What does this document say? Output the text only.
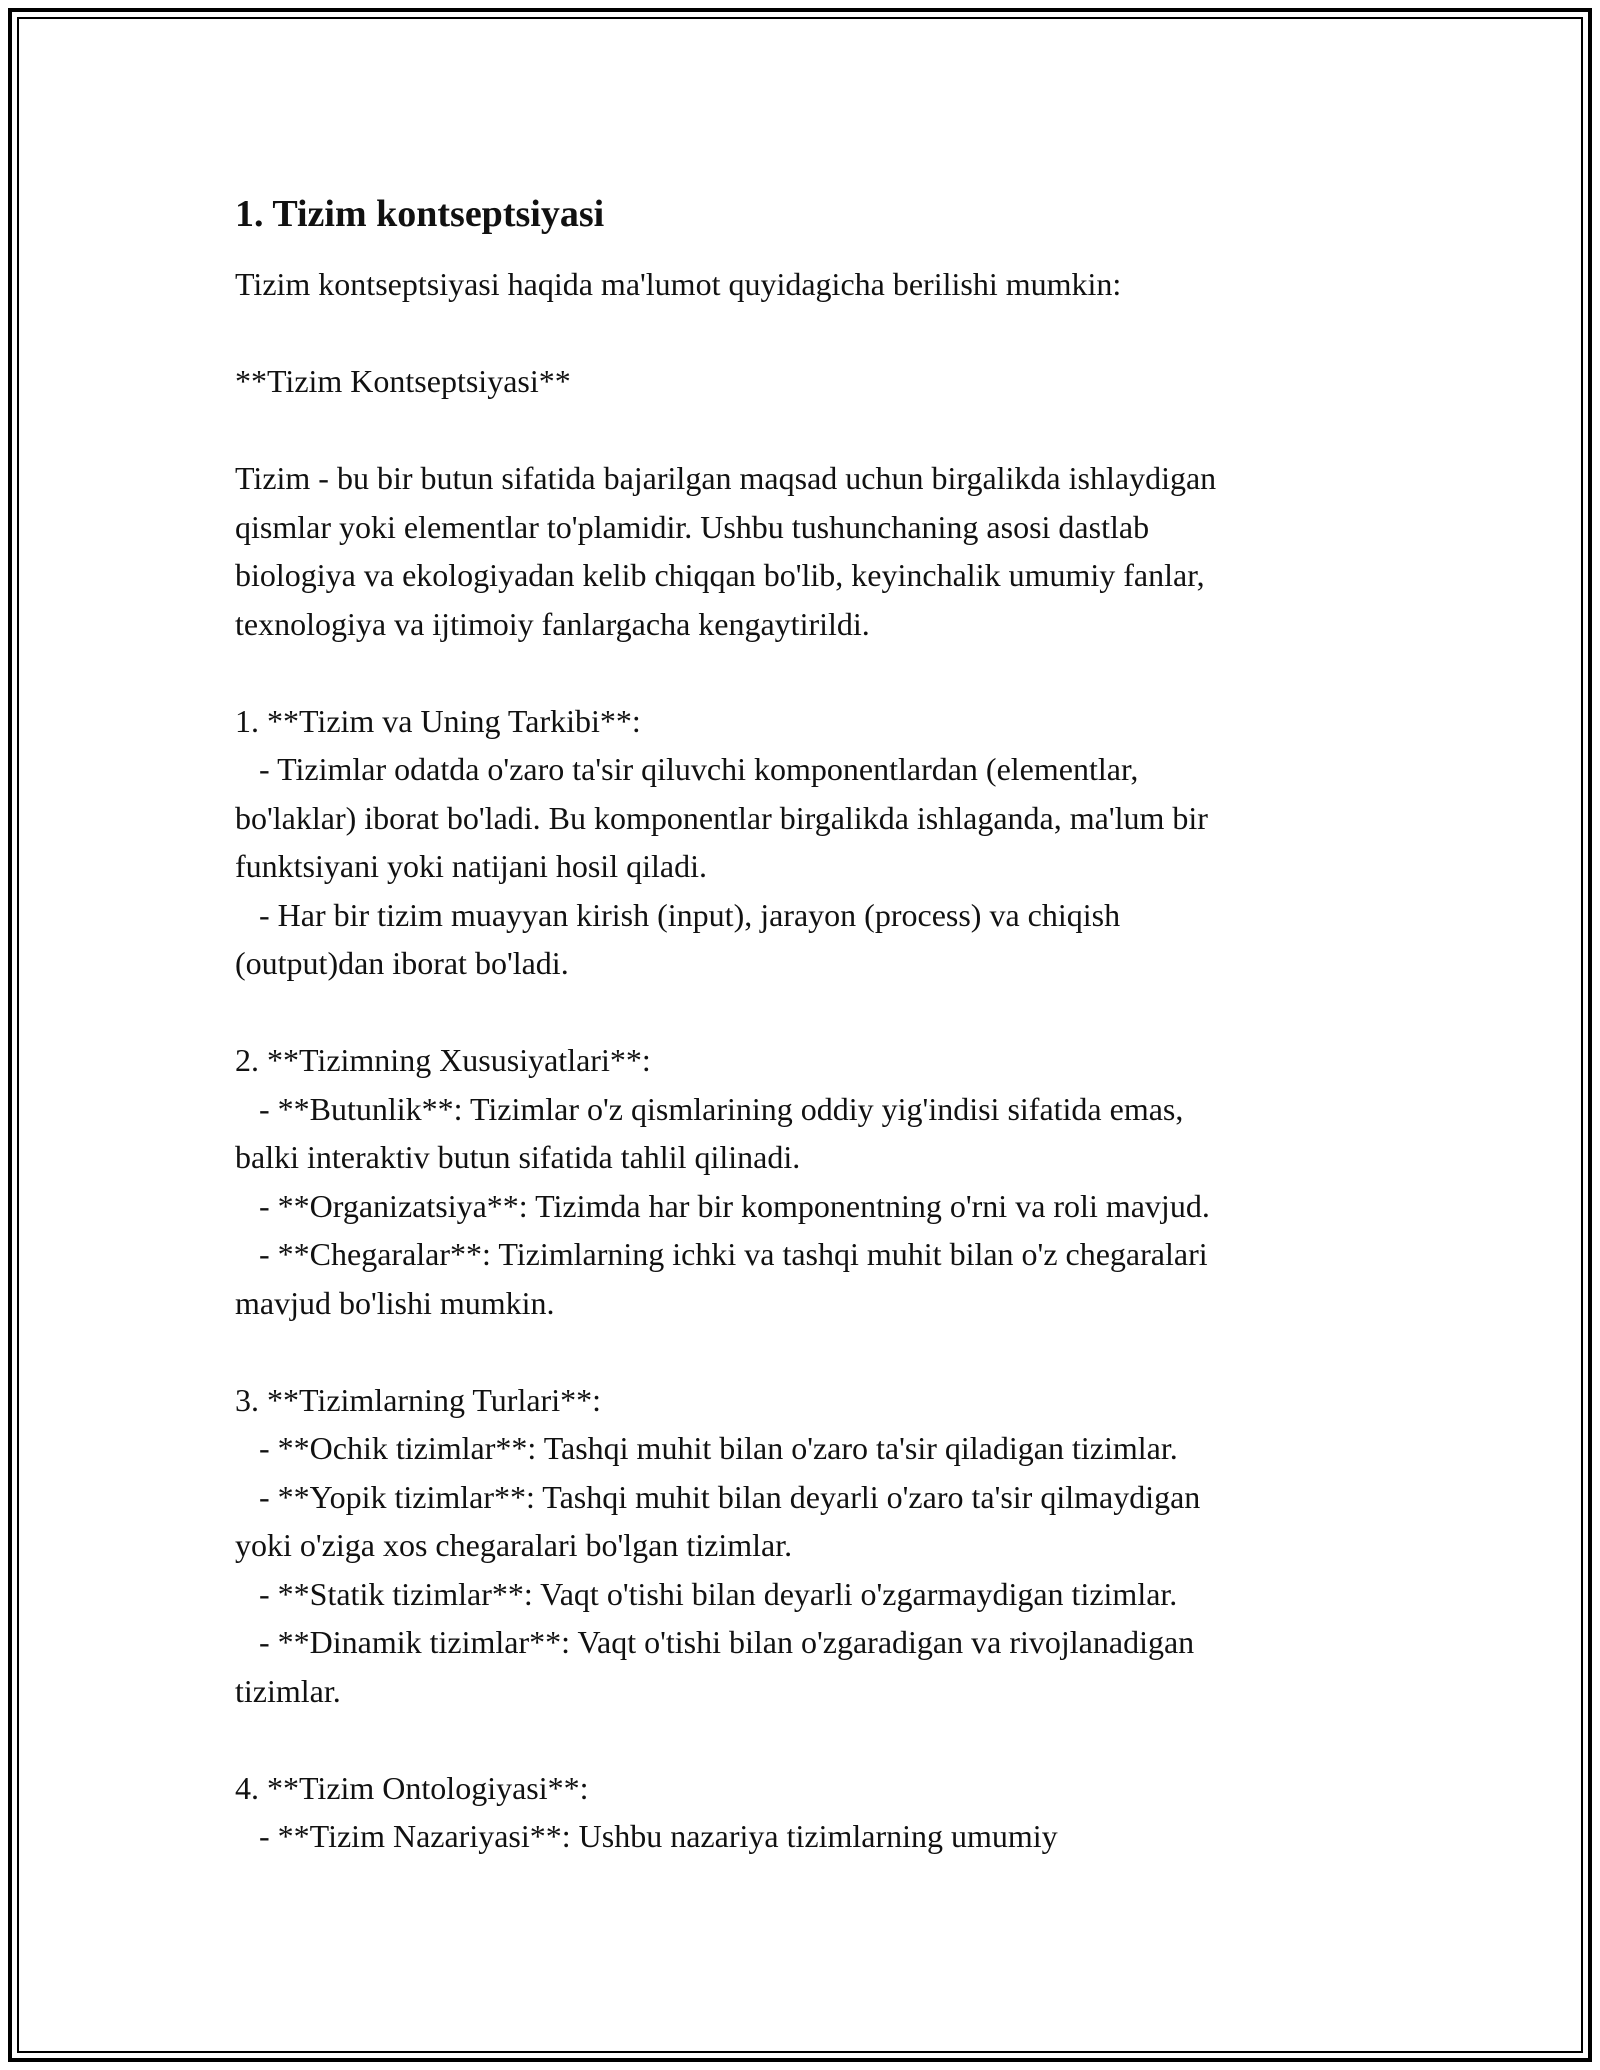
1. Tizim kontseptsiyasi
Tizim kontseptsiyasi haqida ma'lumot quyidagicha berilishi mumkin:

**Tizim Kontseptsiyasi**

Tizim - bu bir butun sifatida bajarilgan maqsad uchun birgalikda ishlaydigan
qismlar yoki elementlar to'plamidir. Ushbu tushunchaning asosi dastlab
biologiya va ekologiyadan kelib chiqqan bo'lib, keyinchalik umumiy fanlar,
texnologiya va ijtimoiy fanlargacha kengaytirildi.

1. **Tizim va Uning Tarkibi**:
- Tizimlar odatda o'zaro ta'sir qiluvchi komponentlardan (elementlar,
bo'laklar) iborat bo'ladi. Bu komponentlar birgalikda ishlaganda, ma'lum bir
funktsiyani yoki natijani hosil qiladi.
- Har bir tizim muayyan kirish (input), jarayon (process) va chiqish
(output)dan iborat bo'ladi.

2. **Tizimning Xususiyatlari**:
- **Butunlik**: Tizimlar o'z qismlarining oddiy yig'indisi sifatida emas,
balki interaktiv butun sifatida tahlil qilinadi.
- **Organizatsiya**: Tizimda har bir komponentning o'rni va roli mavjud.
- **Chegaralar**: Tizimlarning ichki va tashqi muhit bilan o'z chegaralari
mavjud bo'lishi mumkin.

3. **Tizimlarning Turlari**:
- **Ochik tizimlar**: Tashqi muhit bilan o'zaro ta'sir qiladigan tizimlar.
- **Yopik tizimlar**: Tashqi muhit bilan deyarli o'zaro ta'sir qilmaydigan
yoki o'ziga xos chegaralari bo'lgan tizimlar.
- **Statik tizimlar**: Vaqt o'tishi bilan deyarli o'zgarmaydigan tizimlar.
- **Dinamik tizimlar**: Vaqt o'tishi bilan o'zgaradigan va rivojlanadigan
tizimlar.

4. **Tizim Ontologiyasi**:
- **Tizim Nazariyasi**: Ushbu nazariya tizimlarning umumiy
